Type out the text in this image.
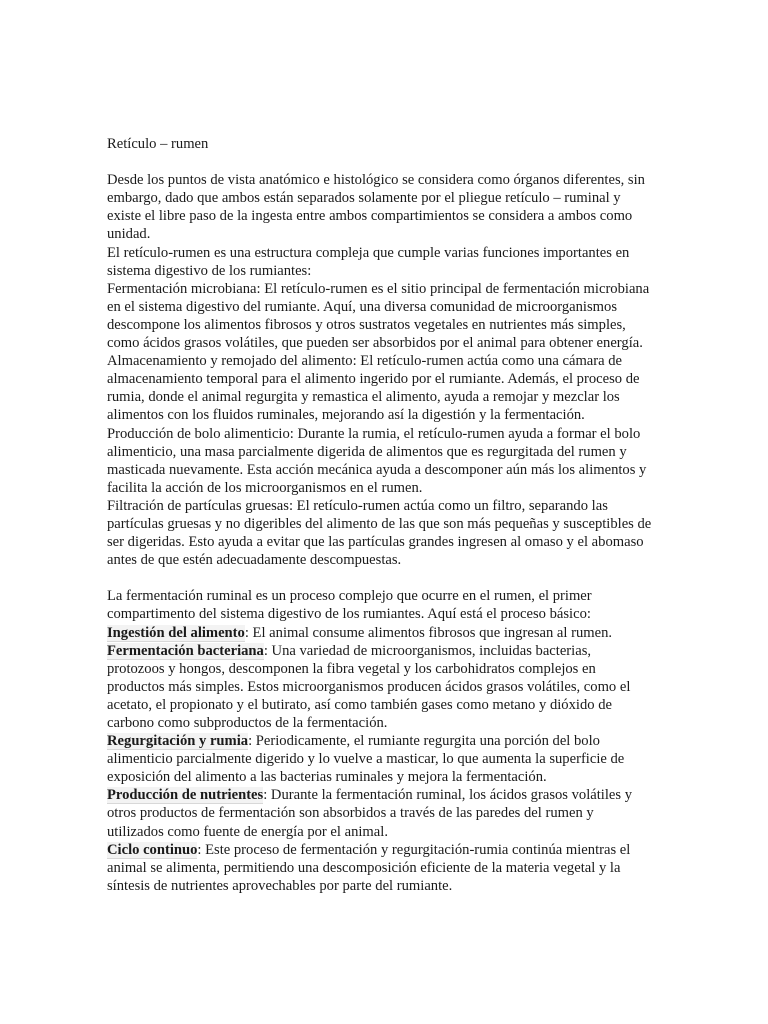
Retículo – rumen

Desde los puntos de vista anatómico e histológico se considera como órganos diferentes, sin embargo, dado que ambos están separados solamente por el pliegue retículo – ruminal y existe el libre paso de la ingesta entre ambos compartimientos se considera a ambos como unidad.

El retículo-rumen es una estructura compleja que cumple varias funciones importantes en sistema digestivo de los rumiantes:

Fermentación microbiana: El retículo-rumen es el sitio principal de fermentación microbiana en el sistema digestivo del rumiante. Aquí, una diversa comunidad de microorganismos descompone los alimentos fibrosos y otros sustratos vegetales en nutrientes más simples, como ácidos grasos volátiles, que pueden ser absorbidos por el animal para obtener energía.

Almacenamiento y remojado del alimento: El retículo-rumen actúa como una cámara de almacenamiento temporal para el alimento ingerido por el rumiante. Además, el proceso de rumia, donde el animal regurgita y remastica el alimento, ayuda a remojar y mezclar los alimentos con los fluidos ruminales, mejorando así la digestión y la fermentación.

Producción de bolo alimenticio: Durante la rumia, el retículo-rumen ayuda a formar el bolo alimenticio, una masa parcialmente digerida de alimentos que es regurgitada del rumen y masticada nuevamente. Esta acción mecánica ayuda a descomponer aún más los alimentos y facilita la acción de los microorganismos en el rumen.

Filtración de partículas gruesas: El retículo-rumen actúa como un filtro, separando las partículas gruesas y no digeribles del alimento de las que son más pequeñas y susceptibles de ser digeridas. Esto ayuda a evitar que las partículas grandes ingresen al omaso y el abomaso antes de que estén adecuadamente descompuestas.

La fermentación ruminal es un proceso complejo que ocurre en el rumen, el primer compartimento del sistema digestivo de los rumiantes. Aquí está el proceso básico:

Ingestión del alimento: El animal consume alimentos fibrosos que ingresan al rumen.

Fermentación bacteriana: Una variedad de microorganismos, incluidas bacterias, protozoos y hongos, descomponen la fibra vegetal y los carbohidratos complejos en productos más simples. Estos microorganismos producen ácidos grasos volátiles, como el acetato, el propionato y el butirato, así como también gases como metano y dióxido de carbono como subproductos de la fermentación.

Regurgitación y rumia: Periodicamente, el rumiante regurgita una porción del bolo alimenticio parcialmente digerido y lo vuelve a masticar, lo que aumenta la superficie de exposición del alimento a las bacterias ruminales y mejora la fermentación.

Producción de nutrientes: Durante la fermentación ruminal, los ácidos grasos volátiles y otros productos de fermentación son absorbidos a través de las paredes del rumen y utilizados como fuente de energía por el animal.

Ciclo continuo: Este proceso de fermentación y regurgitación-rumia continúa mientras el animal se alimenta, permitiendo una descomposición eficiente de la materia vegetal y la síntesis de nutrientes aprovechables por parte del rumiante.
